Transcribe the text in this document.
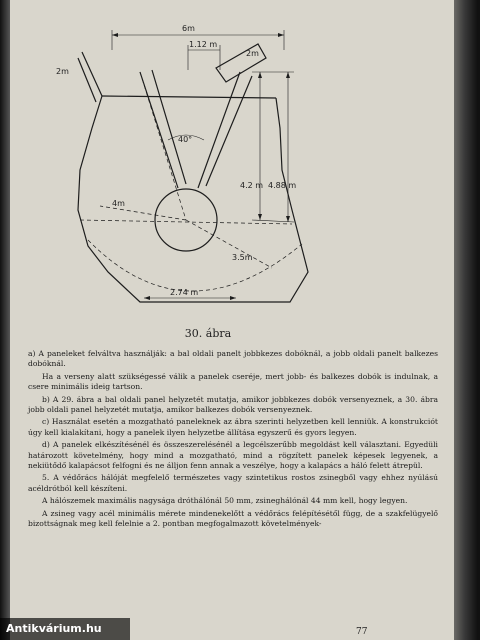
6m
1.12 m
2m
2m
40°
4.2 m 4.88 m
4m
3.5m
2.74 m
30. ábra

a) A paneleket felváltva használják: a bal oldali panelt jobbkezes dobóknál, a jobb oldali panelt balkezes dobóknál.

Ha a verseny alatt szükségessé válik a panelek cseréje, mert jobb- és balkezes dobók is indulnak, a csere minimális ideig tartson.

b) A 29. ábra a bal oldali panel helyzetét mutatja, amikor jobbkezes dobók versenyeznek, a 30. ábra jobb oldali panel helyzetét mutatja, amikor balkezes dobók versenyeznek.

c) Használat esetén a mozgatható paneleknek az ábra szerinti helyzetben kell lenniük. A konstrukciót úgy kell kialakítani, hogy a panelek ilyen helyzetbe állítása egyszerű és gyors legyen.

d) A panelek elkészítésénél és összeszerelésénél a legcélszerűbb megoldást kell választani. Egyedüli határozott követelmény, hogy mind a mozgatható, mind a rögzített panelek képesek legyenek, a nekiütődő kalapácsot felfogni és ne álljon fenn annak a veszélye, hogy a kalapács a háló felett átrepül.

5. A védőrács hálóját megfelelő természetes vagy szintetikus rostos zsinegből vagy ehhez nyúlású acéldrótból kell készíteni.

A hálószemek maximális nagysága dróthálónál 50 mm, zsineghálónál 44 mm kell, hogy legyen.

A zsineg vagy acél minimális mérete mindenekelőtt a védőrács felépítésétől függ, de a szakfelügyelő bizottságnak meg kell felelnie a 2. pontban megfogalmazott követelmények-

77
Antikvárium.hu
